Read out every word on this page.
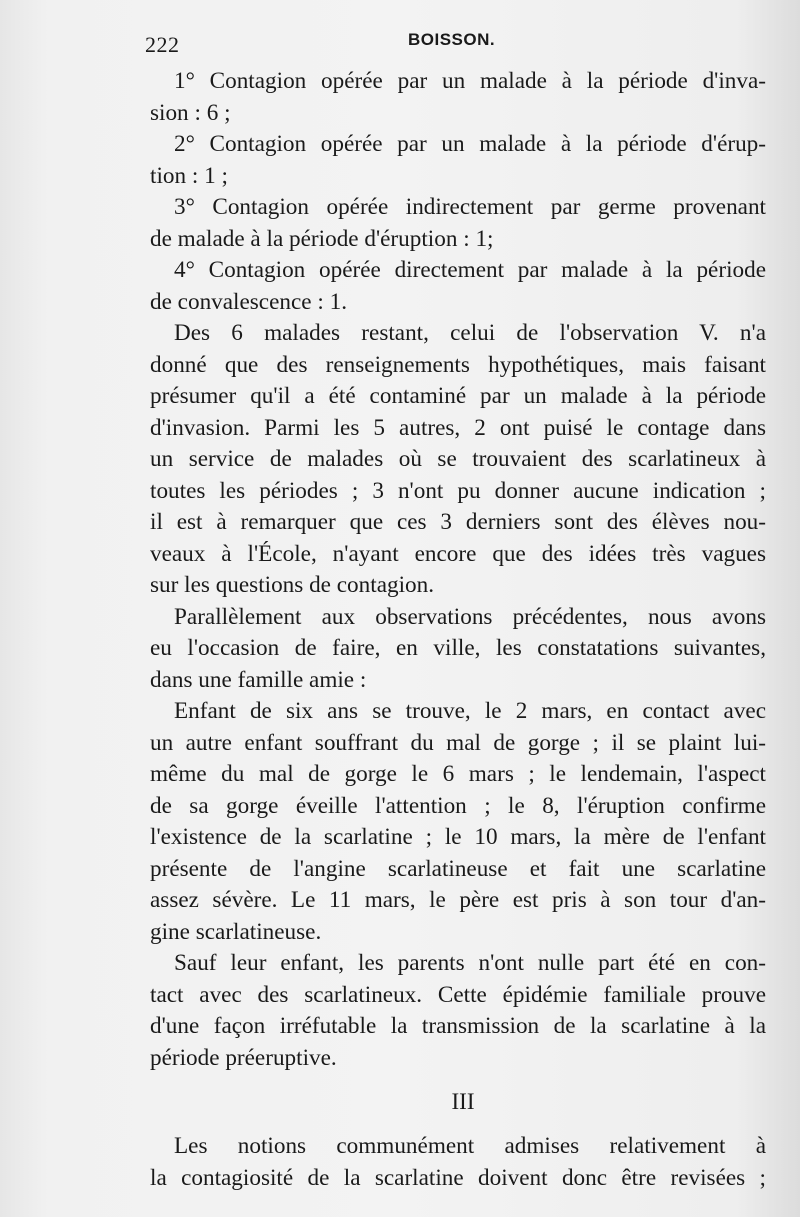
222	BOISSON.
1° Contagion opérée par un malade à la période d'inva-
sion : 6 ;
2° Contagion opérée par un malade à la période d'érup-
tion : 1 ;
3° Contagion opérée indirectement par germe provenant
de malade à la période d'éruption : 1;
4° Contagion opérée directement par malade à la période
de convalescence : 1.
Des 6 malades restant, celui de l'observation V. n'a
donné que des renseignements hypothétiques, mais faisant
présumer qu'il a été contaminé par un malade à la période
d'invasion. Parmi les 5 autres, 2 ont puisé le contage dans
un service de malades où se trouvaient des scarlatineux à
toutes les périodes ; 3 n'ont pu donner aucune indication ;
il est à remarquer que ces 3 derniers sont des élèves nou-
veaux à l'École, n'ayant encore que des idées très vagues
sur les questions de contagion.
Parallèlement aux observations précédentes, nous avons
eu l'occasion de faire, en ville, les constatations suivantes,
dans une famille amie :
Enfant de six ans se trouve, le 2 mars, en contact avec
un autre enfant souffrant du mal de gorge ; il se plaint lui-
même du mal de gorge le 6 mars ; le lendemain, l'aspect
de sa gorge éveille l'attention ; le 8, l'éruption confirme
l'existence de la scarlatine ; le 10 mars, la mère de l'enfant
présente de l'angine scarlatineuse et fait une scarlatine
assez sévère. Le 11 mars, le père est pris à son tour d'an-
gine scarlatineuse.
Sauf leur enfant, les parents n'ont nulle part été en con-
tact avec des scarlatineux. Cette épidémie familiale prouve
d'une façon irréfutable la transmission de la scarlatine à la
période préeruptive.
III
Les notions communément admises relativement à
la contagiosité de la scarlatine doivent donc être revisées ;
